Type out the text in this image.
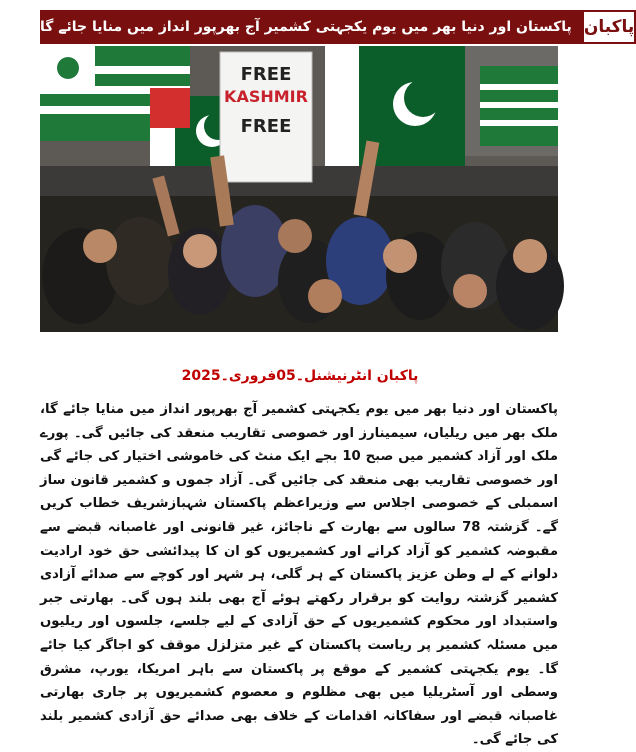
پاکستان اور دنیا بھر میں یوم یکجہتی کشمیر آج بھرپور انداز میں منایا جائے گا پاکبان
FREE
KASHMIR
FREE
پاکبان انٹرنیشنل۔05فروری۔2025
پاکستان اور دنیا بھر میں یوم یکجہتی کشمیر آج بھرپور انداز میں منایا جائے گا، ملک بھر میں ریلیاں، سیمینارز اور خصوصی تقاریب منعقد کی جائیں گی۔ پورے ملک اور آزاد کشمیر میں صبح 10 بجے ایک منٹ کی خاموشی اختیار کی جائے گی اور خصوصی تقاریب بھی منعقد کی جائیں گی۔ آزاد جموں و کشمیر قانون ساز اسمبلی کے خصوصی اجلاس سے وزیراعظم پاکستان شہبازشریف خطاب کریں گے۔ گزشتہ 78 سالوں سے بھارت کے ناجائز، غیر قانونی اور غاصبانہ قبضے سے مقبوضہ کشمیر کو آزاد کرانے اور کشمیریوں کو ان کا پیدائشی حق خود ارادیت دلوانے کے لے وطن عزیز پاکستان کے ہر گلی، ہر شہر اور کوچے سے صدائے آزادی کشمیر گزشتہ روایت کو برقرار رکھتے ہوئے آج بھی بلند ہوں گی۔ بھارتی جبر واستبداد اور محکوم کشمیریوں کے حق آزادی کے لیے جلسے، جلسوں اور ریلیوں میں مسئلہ کشمیر پر ریاست پاکستان کے غیر متزلزل موقف کو اجاگر کیا جائے گا۔ یوم یکجہتی کشمیر کے موقع پر پاکستان سے باہر امریکا، یورپ، مشرق وسطی اور آسٹریلیا میں بھی مظلوم و معصوم کشمیریوں پر جاری بھارتی غاصبانہ قبضے اور سفاکانہ اقدامات کے خلاف بھی صدائے حق آزادی کشمیر بلند کی جائے گی۔
